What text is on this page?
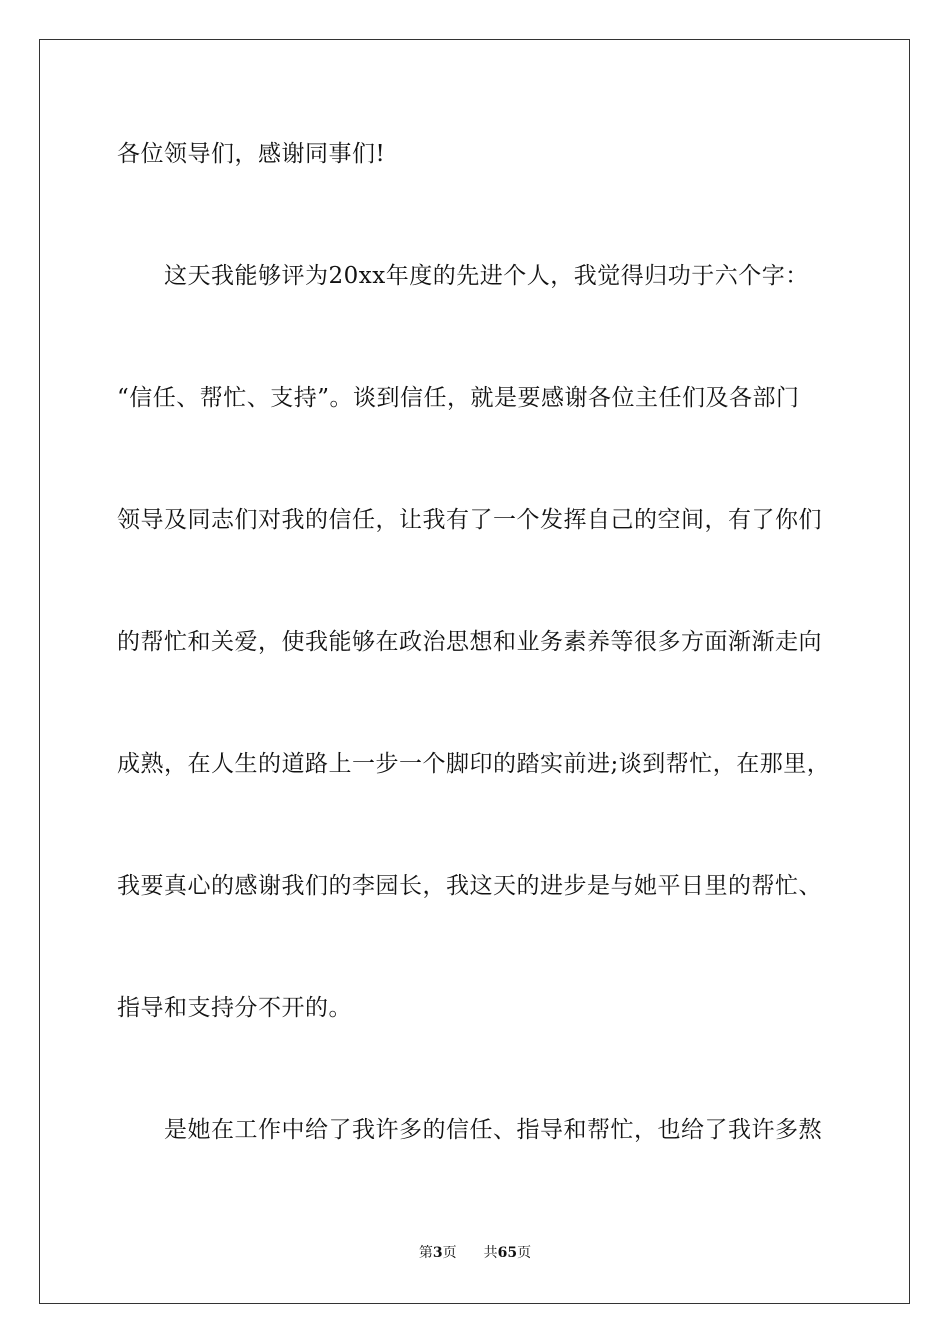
各位领导们，感谢同事们!
这天我能够评为20xx年度的先进个人，我觉得归功于六个字：
“信任、帮忙、支持”。谈到信任，就是要感谢各位主任们及各部门
领导及同志们对我的信任，让我有了一个发挥自己的空间，有了你们
的帮忙和关爱，使我能够在政治思想和业务素养等很多方面渐渐走向
成熟，在人生的道路上一步一个脚印的踏实前进;谈到帮忙，在那里，
我要真心的感谢我们的李园长，我这天的进步是与她平日里的帮忙、
指导和支持分不开的。
是她在工作中给了我许多的信任、指导和帮忙，也给了我许多熬
第3页 共65页
